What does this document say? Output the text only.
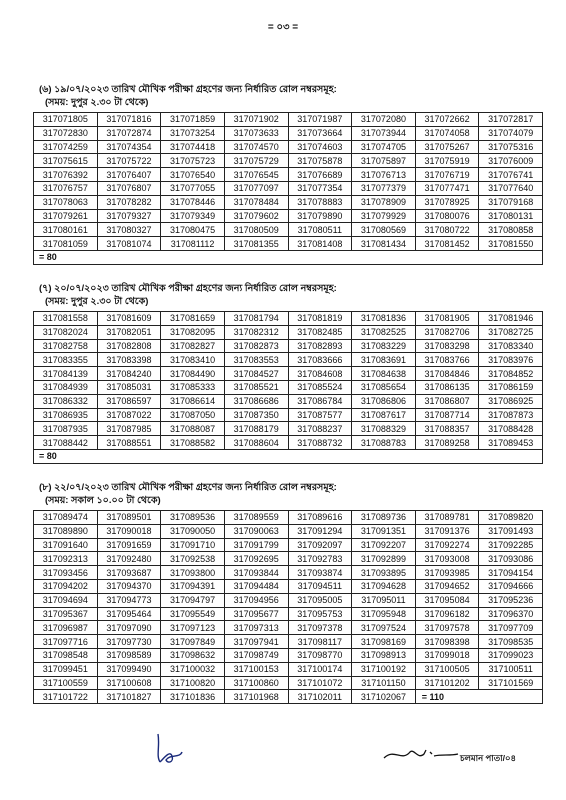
= ০৩ =
(৬) ১৯/০৭/২০২৩ তারিখ মৌখিক পরীক্ষা গ্রহণের জন্য নির্ধারিত রোল নম্বরসমূহ:
(সময়: দুপুর ২.৩০ টা থেকে)
317071805	317071816	317071859	317071902	317071987	317072080	317072662	317072817
317072830	317072874	317073254	317073633	317073664	317073944	317074058	317074079
317074259	317074354	317074418	317074570	317074603	317074705	317075267	317075316
317075615	317075722	317075723	317075729	317075878	317075897	317075919	317076009
317076392	317076407	317076540	317076545	317076689	317076713	317076719	317076741
317076757	317076807	317077055	317077097	317077354	317077379	317077471	317077640
317078063	317078282	317078446	317078484	317078883	317078909	317078925	317079168
317079261	317079327	317079349	317079602	317079890	317079929	317080076	317080131
317080161	317080327	317080475	317080509	317080511	317080569	317080722	317080858
317081059	317081074	317081112	317081355	317081408	317081434	317081452	317081550
= 80							
(৭) ২০/০৭/২০২৩ তারিখ মৌখিক পরীক্ষা গ্রহণের জন্য নির্ধারিত রোল নম্বরসমূহ:
(সময়: দুপুর ২.৩০ টা থেকে)
317081558	317081609	317081659	317081794	317081819	317081836	317081905	317081946
317082024	317082051	317082095	317082312	317082485	317082525	317082706	317082725
317082758	317082808	317082827	317082873	317082893	317083229	317083298	317083340
317083355	317083398	317083410	317083553	317083666	317083691	317083766	317083976
317084139	317084240	317084490	317084527	317084608	317084638	317084846	317084852
317084939	317085031	317085333	317085521	317085524	317085654	317086135	317086159
317086332	317086597	317086614	317086686	317086784	317086806	317086807	317086925
317086935	317087022	317087050	317087350	317087577	317087617	317087714	317087873
317087935	317087985	317088087	317088179	317088237	317088329	317088357	317088428
317088442	317088551	317088582	317088604	317088732	317088783	317089258	317089453
= 80							
(৮) ২২/০৭/২০২৩ তারিখ মৌখিক পরীক্ষা গ্রহণের জন্য নির্ধারিত রোল নম্বরসমূহ:
(সময়: সকাল ১০.০০ টা থেকে)
317089474	317089501	317089536	317089559	317089616	317089736	317089781	317089820
317089890	317090018	317090050	317090063	317091294	317091351	317091376	317091493
317091640	317091659	317091710	317091799	317092097	317092207	317092274	317092285
317092313	317092480	317092538	317092695	317092783	317092899	317093008	317093086
317093456	317093687	317093800	317093844	317093874	317093895	317093985	317094154
317094202	317094370	317094391	317094484	317094511	317094628	317094652	317094666
317094694	317094773	317094797	317094956	317095005	317095011	317095084	317095236
317095367	317095464	317095549	317095677	317095753	317095948	317096182	317096370
317096987	317097090	317097123	317097313	317097378	317097524	317097578	317097709
317097716	317097730	317097849	317097941	317098117	317098169	317098398	317098535
317098548	317098589	317098632	317098749	317098770	317098913	317099018	317099023
317099451	317099490	317100032	317100153	317100174	317100192	317100505	317100511
317100559	317100608	317100820	317100860	317101072	317101150	317101202	317101569
317101722	317101827	317101836	317101968	317102011	317102067	= 110	
চলমান পাতা/০৪
